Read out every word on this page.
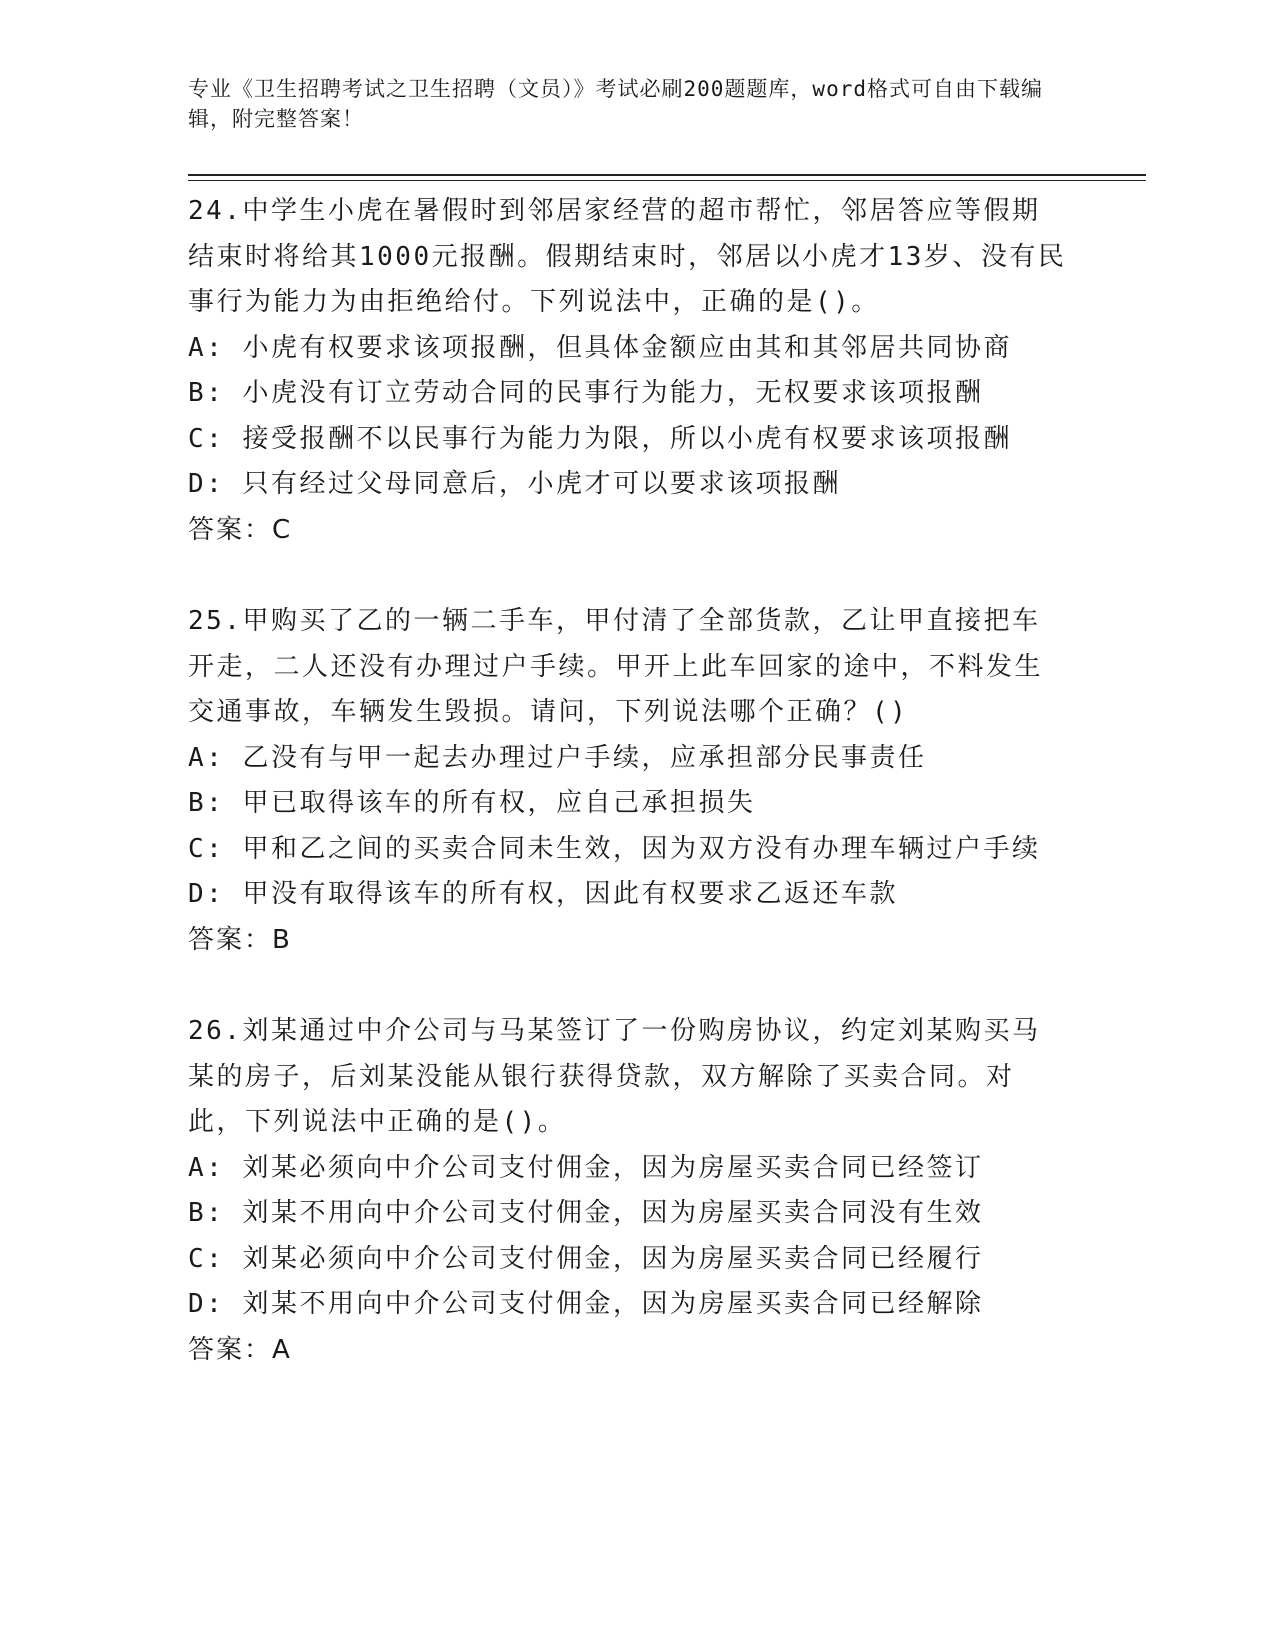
专业《卫生招聘考试之卫生招聘（文员）》考试必刷200题题库，word格式可自由下载编辑，附完整答案！
24.中学生小虎在暑假时到邻居家经营的超市帮忙，邻居答应等假期结束时将给其1000元报酬。假期结束时，邻居以小虎才13岁、没有民事行为能力为由拒绝给付。下列说法中，正确的是()。
A: 小虎有权要求该项报酬，但具体金额应由其和其邻居共同协商
B: 小虎没有订立劳动合同的民事行为能力，无权要求该项报酬
C: 接受报酬不以民事行为能力为限，所以小虎有权要求该项报酬
D: 只有经过父母同意后，小虎才可以要求该项报酬
答案：C
25.甲购买了乙的一辆二手车，甲付清了全部货款，乙让甲直接把车开走，二人还没有办理过户手续。甲开上此车回家的途中，不料发生交通事故，车辆发生毁损。请问，下列说法哪个正确？()
A: 乙没有与甲一起去办理过户手续，应承担部分民事责任
B: 甲已取得该车的所有权，应自己承担损失
C: 甲和乙之间的买卖合同未生效，因为双方没有办理车辆过户手续
D: 甲没有取得该车的所有权，因此有权要求乙返还车款
答案：B
26.刘某通过中介公司与马某签订了一份购房协议，约定刘某购买马某的房子，后刘某没能从银行获得贷款，双方解除了买卖合同。对此，下列说法中正确的是()。
A: 刘某必须向中介公司支付佣金，因为房屋买卖合同已经签订
B: 刘某不用向中介公司支付佣金，因为房屋买卖合同没有生效
C: 刘某必须向中介公司支付佣金，因为房屋买卖合同已经履行
D: 刘某不用向中介公司支付佣金，因为房屋买卖合同已经解除
答案：A
